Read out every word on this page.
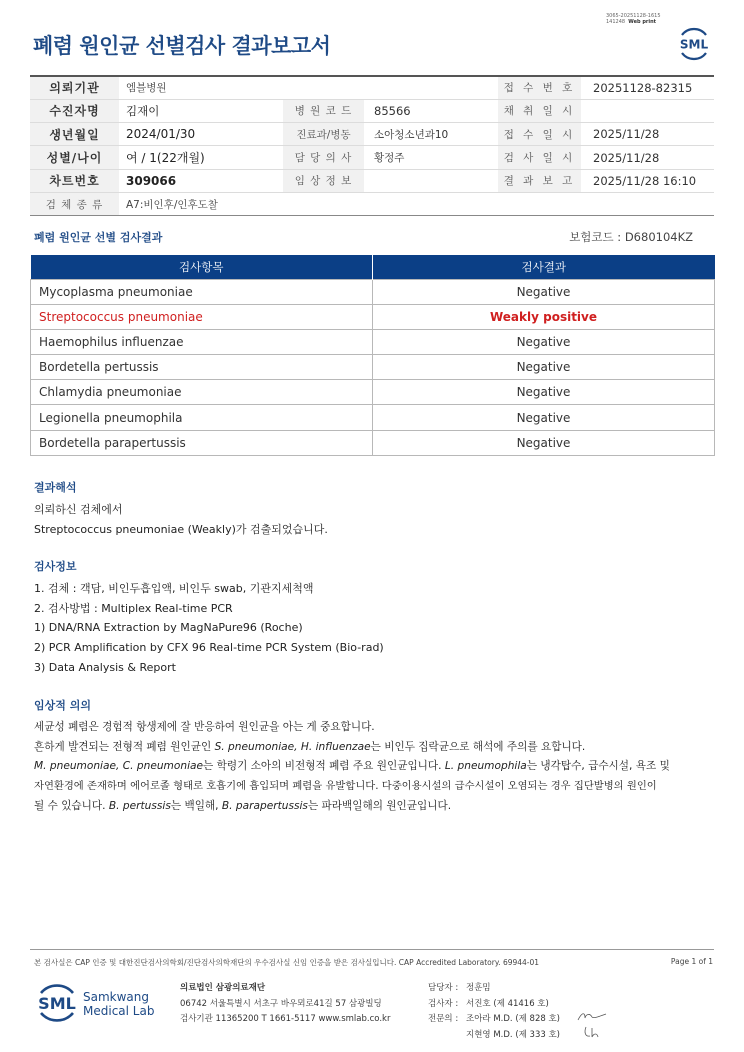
3065-20251128-1615
141248 Web print
폐렴 원인균 선별검사 결과보고서	SML
의뢰기관	엠블병원			접 수 번 호	20251128-82315
수진자명	김재이	병 원 코 드	85566	채 취 일 시	
생년월일	2024/01/30	진료과/병동	소아청소년과10	접 수 일 시	2025/11/28
성별/나이	여 / 1(22개월)	담 당 의 사	황정주	검 사 일 시	2025/11/28
차트번호	309066	임 상 정 보		결 과 보 고	2025/11/28 16:10
검 체 종 류	A7:비인후/인후도찰				
폐렴 원인균 선별 검사결과	보험코드 : D680104KZ
검사항목	검사결과
Mycoplasma pneumoniae	Negative
Streptococcus pneumoniae	Weakly positive
Haemophilus influenzae	Negative
Bordetella pertussis	Negative
Chlamydia pneumoniae	Negative
Legionella pneumophila	Negative
Bordetella parapertussis	Negative
결과해석
의뢰하신 검체에서
Streptococcus pneumoniae (Weakly)가 검출되었습니다.
검사정보
1. 검체 : 객담, 비인두흡입액, 비인두 swab, 기관지세척액
2. 검사방법 : Multiplex Real-time PCR
1) DNA/RNA Extraction by MagNaPure96 (Roche)
2) PCR Amplification by CFX 96 Real-time PCR System (Bio-rad)
3) Data Analysis & Report
임상적 의의
세균성 폐렴은 경험적 항생제에 잘 반응하여 원인균을 아는 게 중요합니다.
흔하게 발견되는 전형적 폐렴 원인균인 S. pneumoniae, H. influenzae는 비인두 집락균으로 해석에 주의를 요합니다.
M. pneumoniae, C. pneumoniae는 학령기 소아의 비전형적 폐렴 주요 원인균입니다. L. pneumophila는 냉각탑수, 급수시설, 욕조 및
자연환경에 존재하며 에어로졸 형태로 호흡기에 흡입되며 폐렴을 유발합니다. 다중이용시설의 급수시설이 오염되는 경우 집단발병의 원인이
될 수 있습니다. B. pertussis는 백일해, B. parapertussis는 파라백일해의 원인균입니다.
본 검사실은 CAP 인증 및 대한진단검사의학회/진단검사의학재단의 우수검사실 신임 인증을 받은 검사실입니다. CAP Accredited Laboratory. 69944-01	Page 1 of 1
SML Samkwang
Medical Lab
의료법인 삼광의료재단
06742 서울특별시 서초구 바우뫼로41길 57 삼광빌딩
검사기관 11365200 T 1661-5117 www.smlab.co.kr
담당자 : 정훈밈
검사자 : 서진호 (제 41416 호)
전문의 : 조아라 M.D. (제 828 호)
지현영 M.D. (제 333 호)
